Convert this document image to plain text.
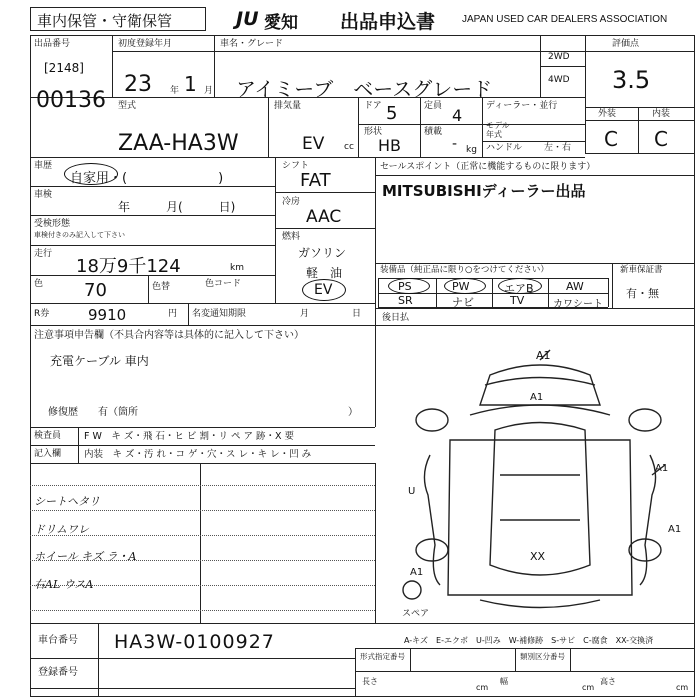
車内保管・守衛保管	JU 愛知 出品申込書	JAPAN USED CAR DEALERS ASSOCIATION
出品番号
[2148]
00136
初度登録年月
23 年 1 月
車名・グレード
アイミーブ　ベースグレード
2WD
4WD
評価点
3.5
型式
ZAA-HA3W
排気量
EV cc
ドア 5	定員 4	ディーラー・並行
形状
HB
積載
- kg
モデル
年式
ハンドル 左・右
外装	内装
C C
車歴
自家用・(　　　　　　　)
車検
年　　　月(　　　日)
受検形態
車検付きのみ記入して下さい
走行
18万9千124	km
色 70	色替	色コード
R券	9910	円 名変通知期限	月	日
シフト
FAT
冷房
AAC
燃料
ガソリン
軽　油
EV
セールスポイント（正常に機能するものに限ります）
MITSUBISHIディーラー出品
装備品（純正品に限り○をつけてください）	新車保証書
有・無
PS	PW	エアB	AW
SR	ナビ	TV	カワシート
後日払
注意事項申告欄（不具合内容等は具体的に記入して下さい）
充電ケーブル 車内
修復歴　　有（箇所	）
検査員
記入欄
F W　キ ズ・飛 石・ヒ ビ 割・リ ペ ア 跡・X 要
内装　キ ズ・汚 れ・コ ゲ・穴・ス レ・キ レ・凹 み
シートヘタリ
ドリムワレ
ホイール キズ ラ・A
右AL ウスA
A1
A1
U
A1
A1
XX
A1
スペア
A-キズ　E-エクボ　U-凹み　W-補修跡　S-サビ　C-腐食　XX-交換済
車台番号 HA3W-0100927
登録番号
形式指定番号	類別区分番号
長さ
cm
幅
cm
高さ
cm
